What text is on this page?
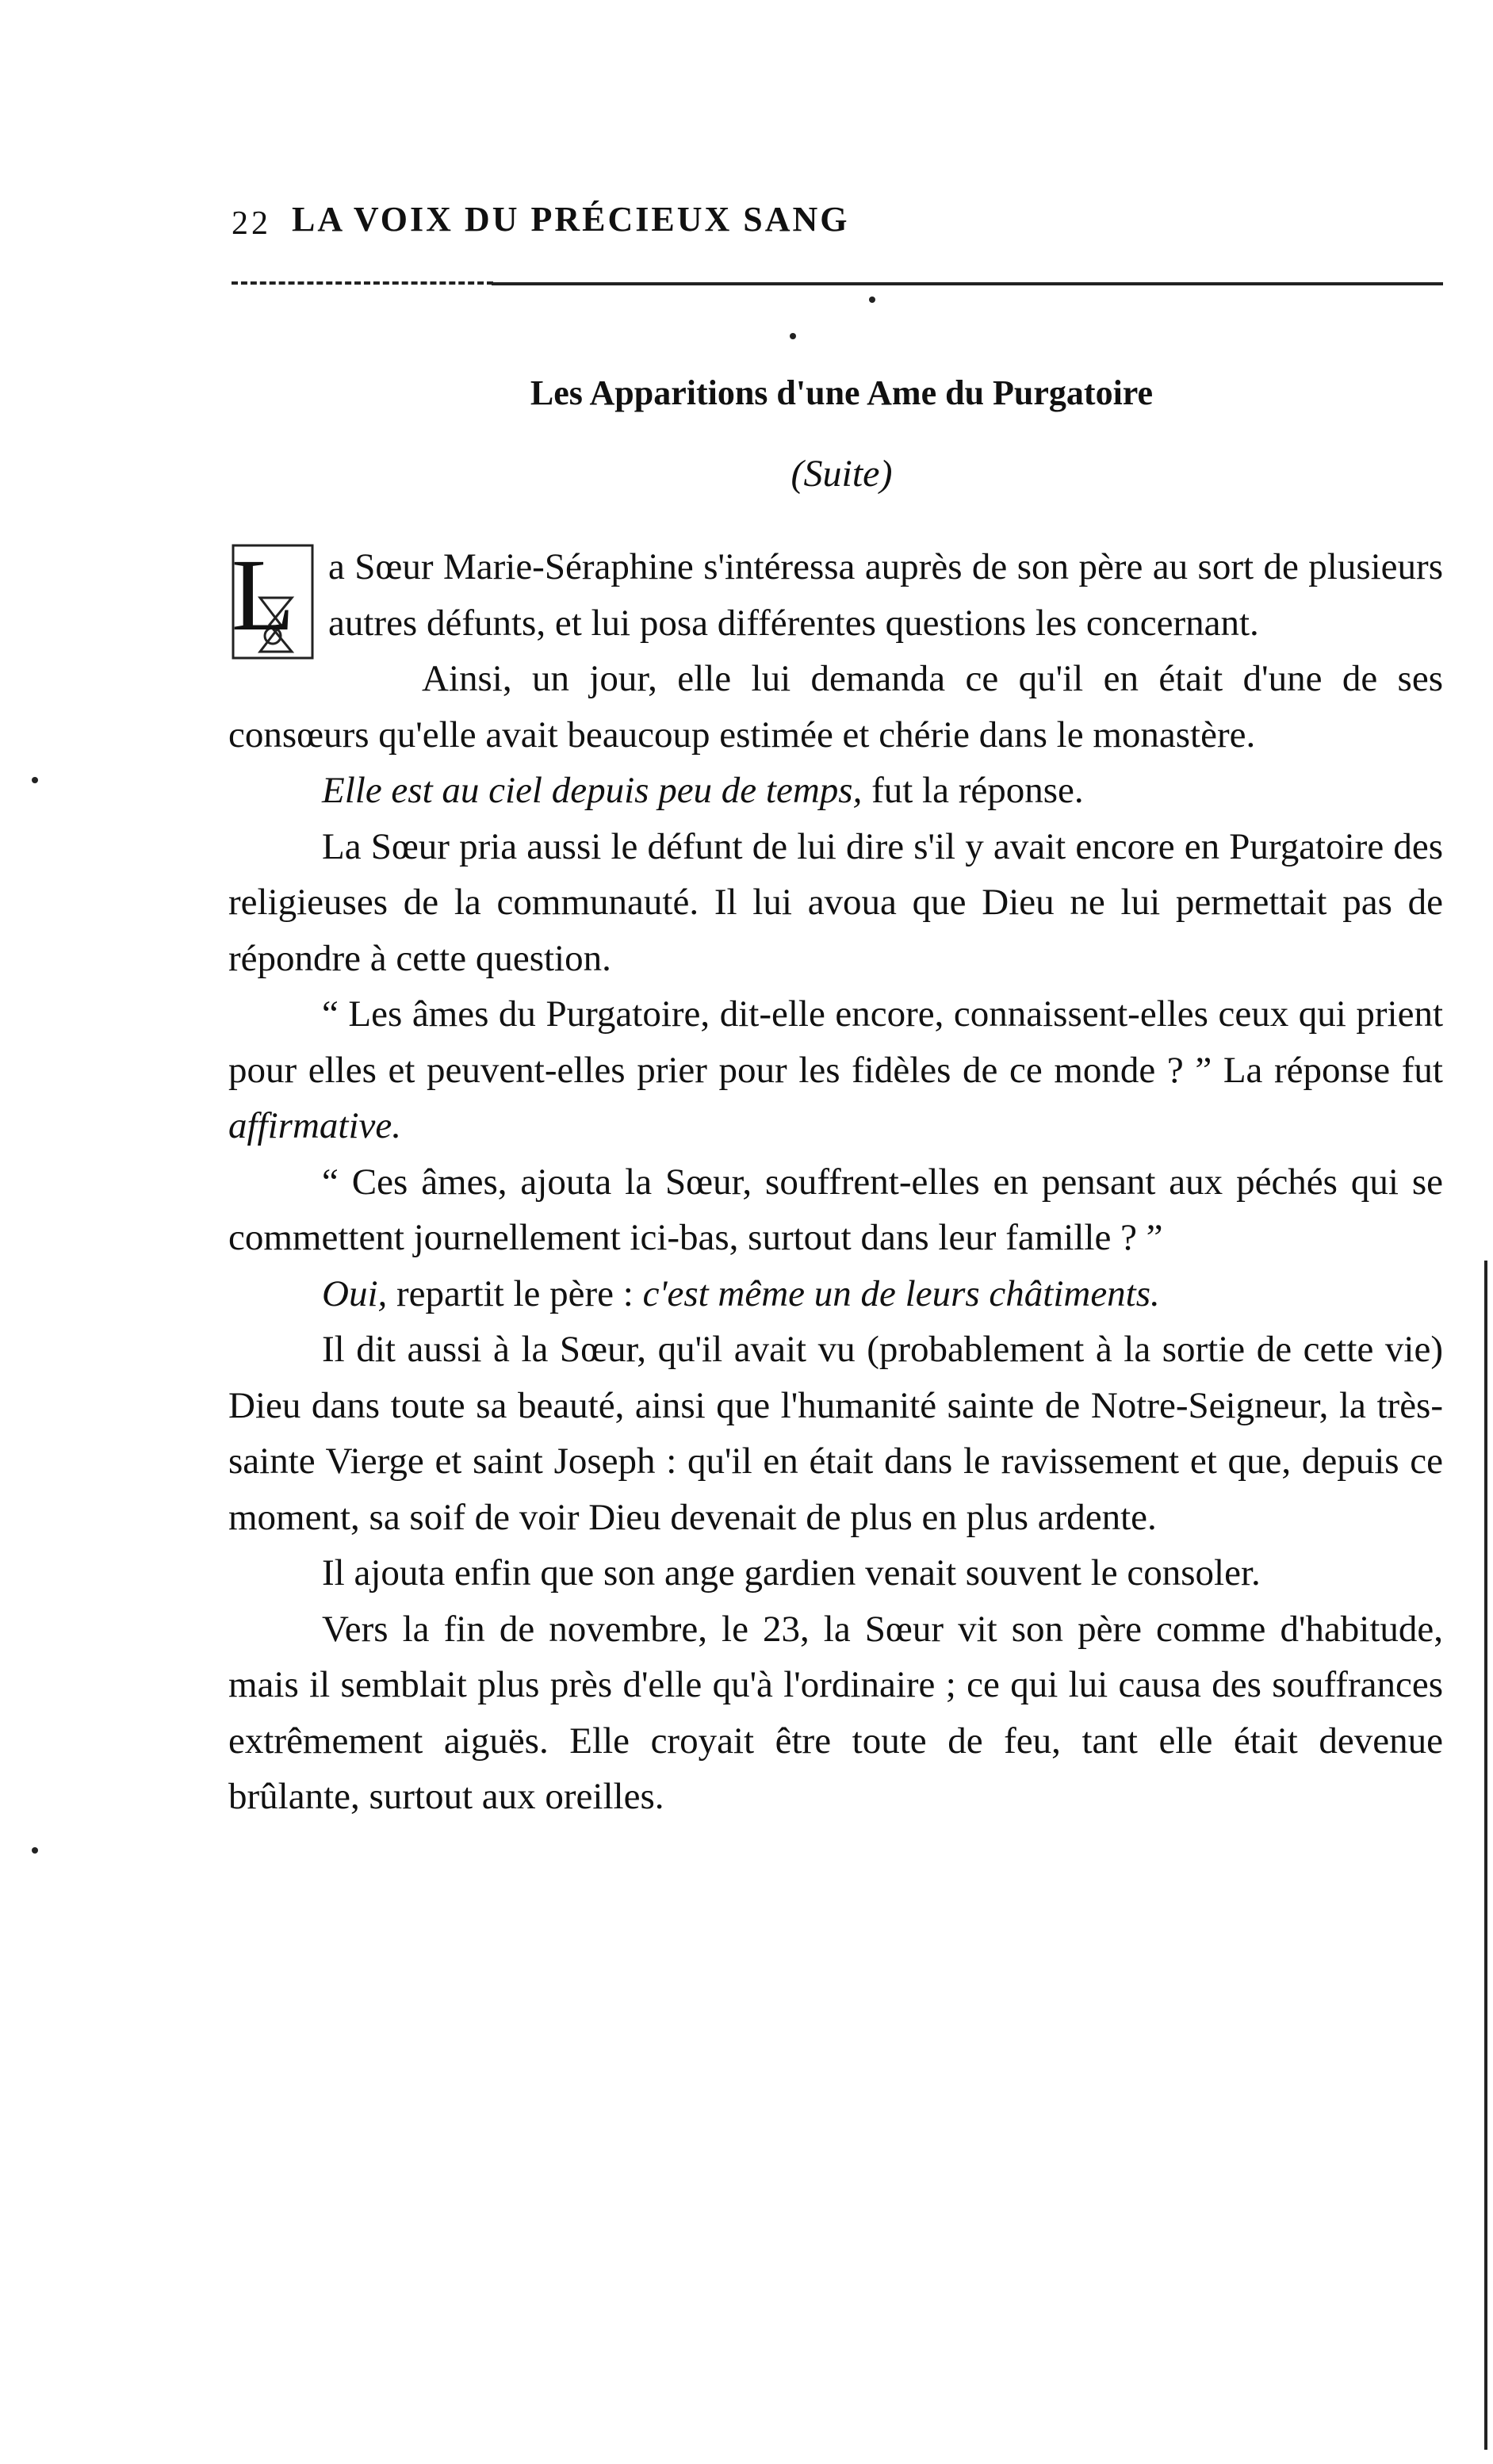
22 LA VOIX DU PRÉCIEUX SANG
Les Apparitions d'une Ame du Purgatoire
(Suite)

L a Sœur Marie-Séraphine s'intéressa auprès de son père au sort de plusieurs autres défunts, et lui posa différentes questions les concernant.

Ainsi, un jour, elle lui demanda ce qu'il en était d'une de ses consœurs qu'elle avait beaucoup estimée et chérie dans le monastère.

Elle est au ciel depuis peu de temps, fut la réponse.

La Sœur pria aussi le défunt de lui dire s'il y avait encore en Purgatoire des religieuses de la communauté. Il lui avoua que Dieu ne lui permettait pas de répondre à cette question.

“ Les âmes du Purgatoire, dit-elle encore, connaissent-elles ceux qui prient pour elles et peuvent-elles prier pour les fidèles de ce monde ? ” La réponse fut affirmative.

“ Ces âmes, ajouta la Sœur, souffrent-elles en pensant aux péchés qui se commettent journellement ici-bas, surtout dans leur famille ? ”

Oui, repartit le père : c'est même un de leurs châtiments.

Il dit aussi à la Sœur, qu'il avait vu (probablement à la sortie de cette vie) Dieu dans toute sa beauté, ainsi que l'humanité sainte de Notre-Seigneur, la très-sainte Vierge et saint Joseph : qu'il en était dans le ravissement et que, depuis ce moment, sa soif de voir Dieu devenait de plus en plus ardente.

Il ajouta enfin que son ange gardien venait souvent le consoler.

Vers la fin de novembre, le 23, la Sœur vit son père comme d'habitude, mais il semblait plus près d'elle qu'à l'ordinaire ; ce qui lui causa des souffrances extrêmement aiguës. Elle croyait être toute de feu, tant elle était devenue brûlante, surtout aux oreilles.
